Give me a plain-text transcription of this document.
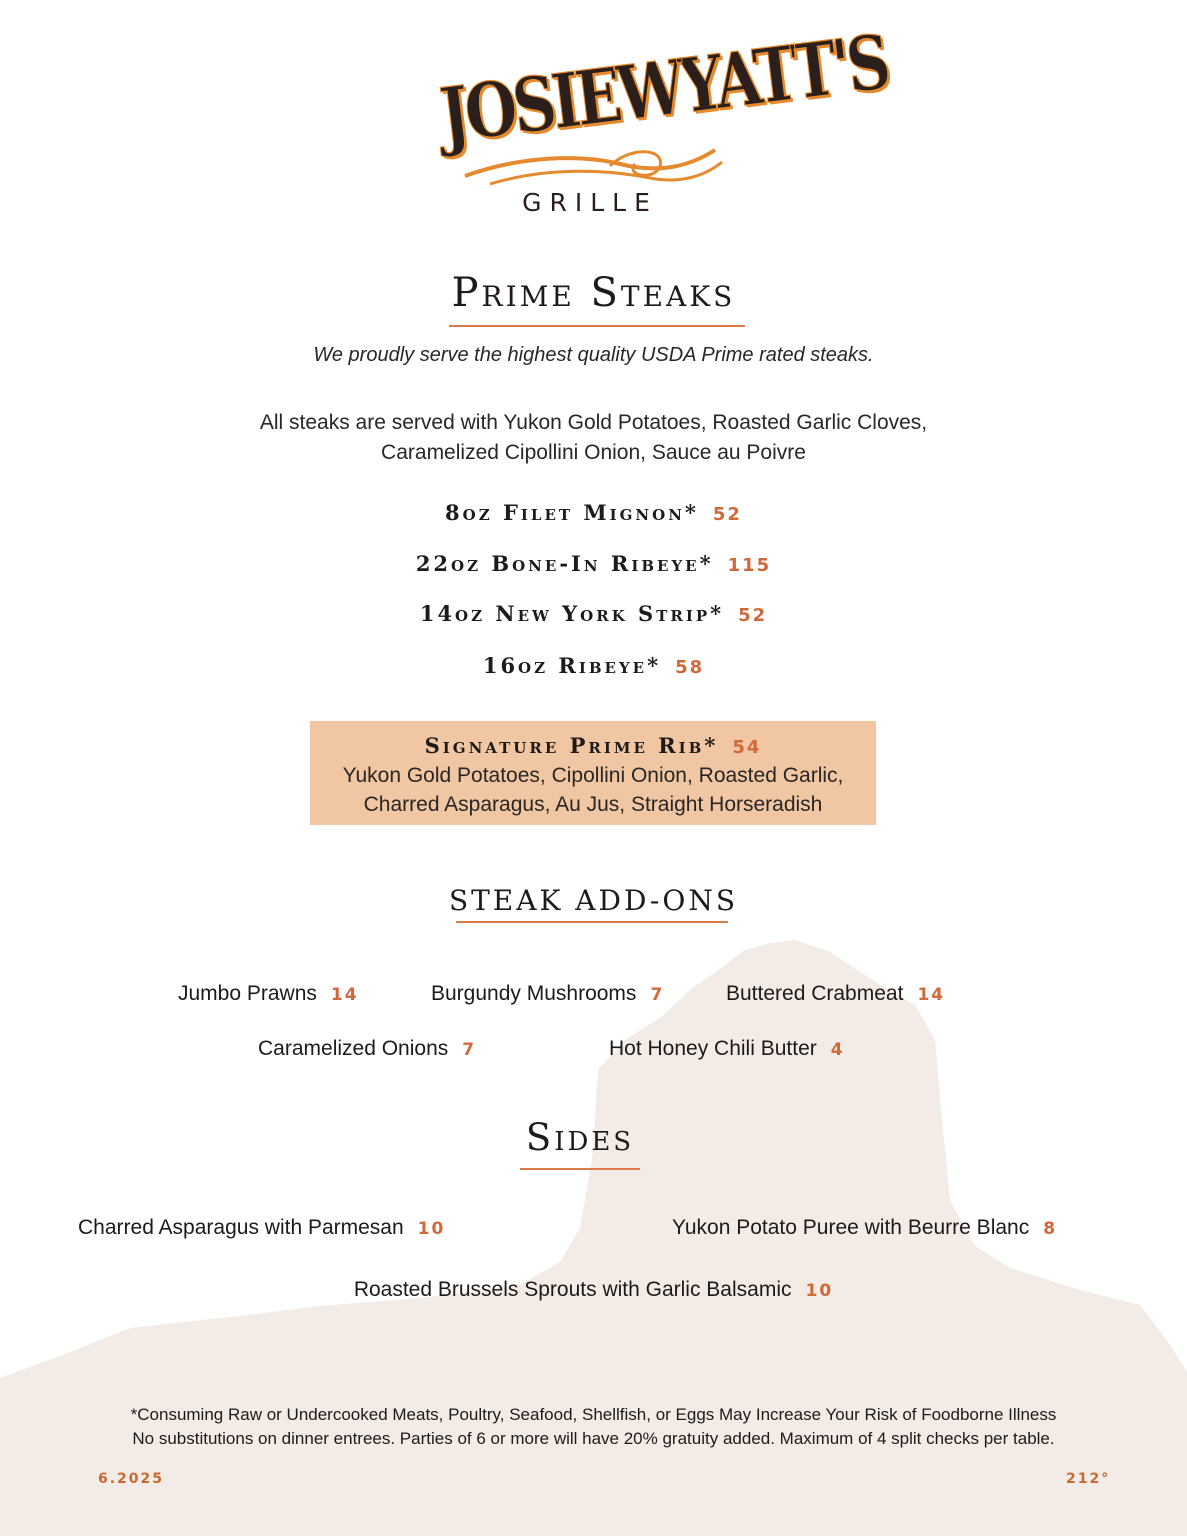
JOSIEWYATT'S
GRILLE
Prime Steaks
We proudly serve the highest quality USDA Prime rated steaks.
All steaks are served with Yukon Gold Potatoes, Roasted Garlic Cloves,
Caramelized Cipollini Onion, Sauce au Poivre
8oz Filet Mignon* 52
22oz Bone-In Ribeye* 115
14oz New York Strip* 52
16oz Ribeye* 58
Signature Prime Rib* 54
Yukon Gold Potatoes, Cipollini Onion, Roasted Garlic,
Charred Asparagus, Au Jus, Straight Horseradish
STEAK ADD-ONS
Jumbo Prawns 14	Burgundy Mushrooms 7	Buttered Crabmeat 14
Caramelized Onions 7	Hot Honey Chili Butter 4
Sides
Charred Asparagus with Parmesan 10	Yukon Potato Puree with Beurre Blanc 8
Roasted Brussels Sprouts with Garlic Balsamic 10
*Consuming Raw or Undercooked Meats, Poultry, Seafood, Shellfish, or Eggs May Increase Your Risk of Foodborne Illness
No substitutions on dinner entrees. Parties of 6 or more will have 20% gratuity added. Maximum of 4 split checks per table.
6.2025	212°
